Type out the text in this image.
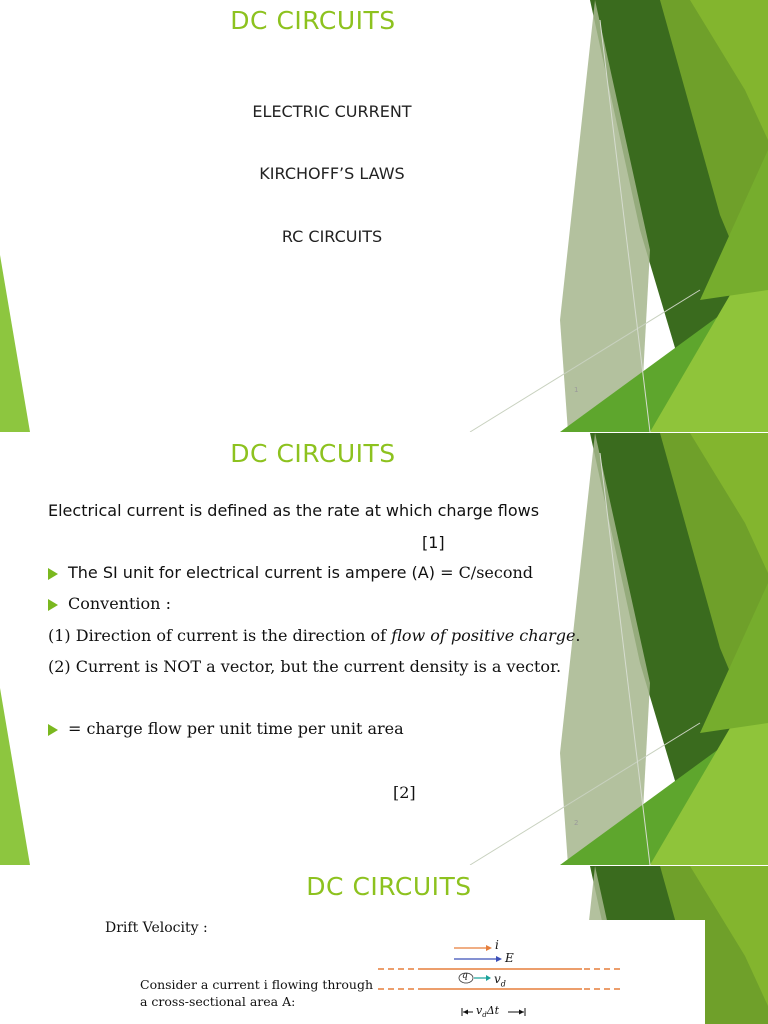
DC CIRCUITS
ELECTRIC CURRENT
KIRCHOFF’S LAWS
RC CIRCUITS
1
DC CIRCUITS
Electrical current is defined as the rate at which charge flows
[1]
The SI unit for electrical current is ampere (A) = C/second
Convention :
(1) Direction of current is the direction of flow of positive charge.
(2) Current is NOT a vector, but the current density is a vector.
= charge flow per unit time per unit area
[2]
2
DC CIRCUITS
Drift Velocity :
Consider a current i flowing through
a cross-sectional area A:
i
E
q $v_d$
$v_d\Delta t$
